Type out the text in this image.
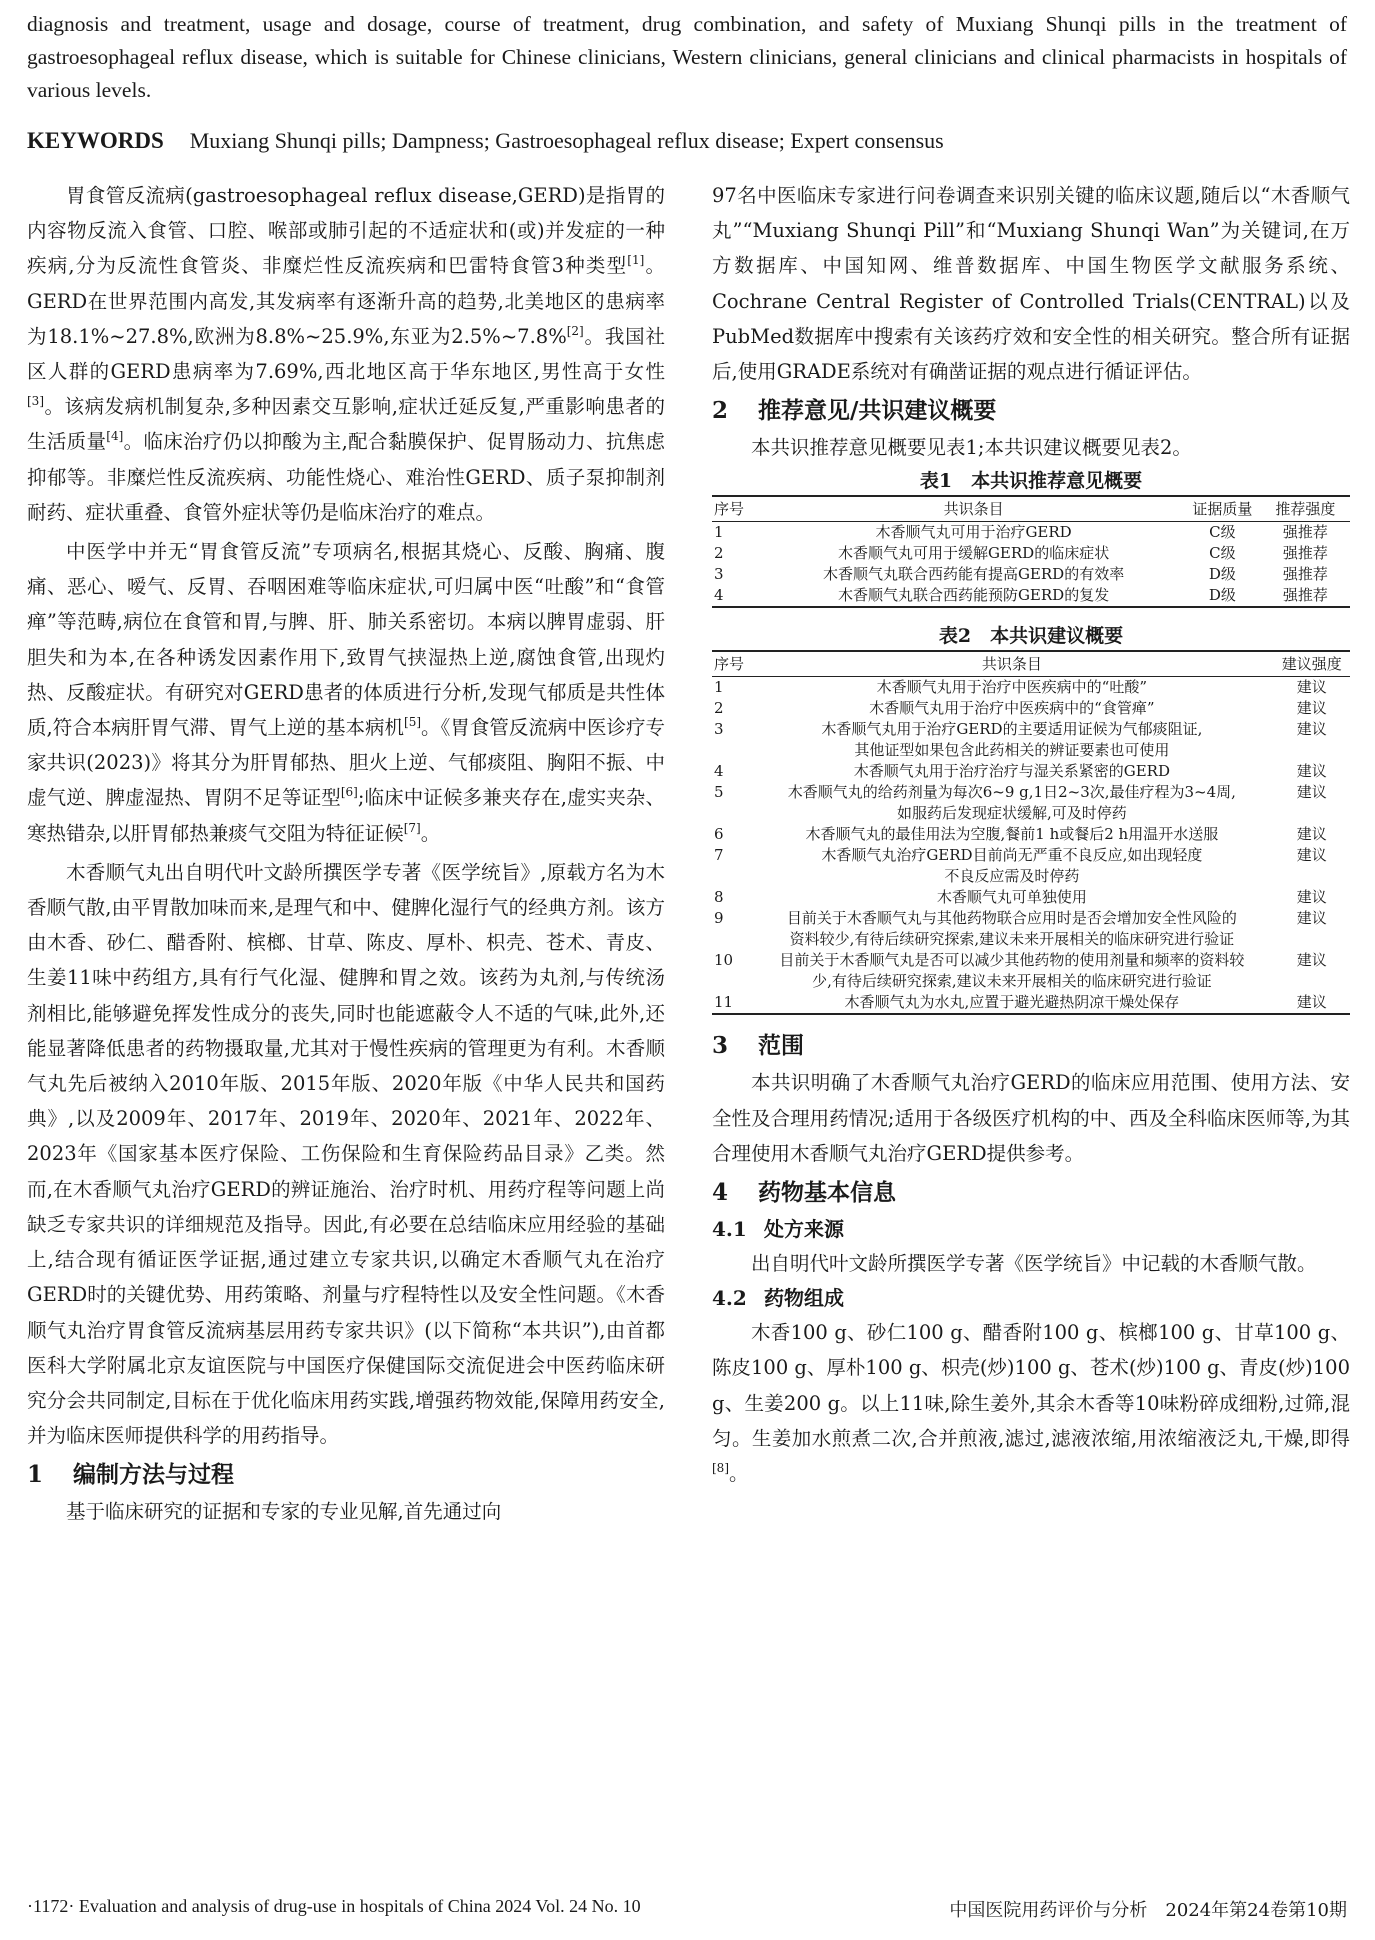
diagnosis and treatment, usage and dosage, course of treatment, drug combination, and safety of Muxiang Shunqi pills in the treatment of gastroesophageal reflux disease, which is suitable for Chinese clinicians, Western clinicians, general clinicians and clinical pharmacists in hospitals of various levels.
KEYWORDS Muxiang Shunqi pills; Dampness; Gastroesophageal reflux disease; Expert consensus

胃食管反流病(gastroesophageal reflux disease,GERD)是指胃的内容物反流入食管、口腔、喉部或肺引起的不适症状和(或)并发症的一种疾病,分为反流性食管炎、非糜烂性反流疾病和巴雷特食管3种类型[1]。GERD在世界范围内高发,其发病率有逐渐升高的趋势,北美地区的患病率为18.1%~27.8%,欧洲为8.8%~25.9%,东亚为2.5%~7.8%[2]。我国社区人群的GERD患病率为7.69%,西北地区高于华东地区,男性高于女性[3]。该病发病机制复杂,多种因素交互影响,症状迁延反复,严重影响患者的生活质量[4]。临床治疗仍以抑酸为主,配合黏膜保护、促胃肠动力、抗焦虑抑郁等。非糜烂性反流疾病、功能性烧心、难治性GERD、质子泵抑制剂耐药、症状重叠、食管外症状等仍是临床治疗的难点。

中医学中并无“胃食管反流”专项病名,根据其烧心、反酸、胸痛、腹痛、恶心、嗳气、反胃、吞咽困难等临床症状,可归属中医“吐酸”和“食管瘅”等范畴,病位在食管和胃,与脾、肝、肺关系密切。本病以脾胃虚弱、肝胆失和为本,在各种诱发因素作用下,致胃气挟湿热上逆,腐蚀食管,出现灼热、反酸症状。有研究对GERD患者的体质进行分析,发现气郁质是共性体质,符合本病肝胃气滞、胃气上逆的基本病机[5]。《胃食管反流病中医诊疗专家共识(2023)》将其分为肝胃郁热、胆火上逆、气郁痰阻、胸阳不振、中虚气逆、脾虚湿热、胃阴不足等证型[6];临床中证候多兼夹存在,虚实夹杂、寒热错杂,以肝胃郁热兼痰气交阻为特征证候[7]。

木香顺气丸出自明代叶文龄所撰医学专著《医学统旨》,原载方名为木香顺气散,由平胃散加味而来,是理气和中、健脾化湿行气的经典方剂。该方由木香、砂仁、醋香附、槟榔、甘草、陈皮、厚朴、枳壳、苍术、青皮、生姜11味中药组方,具有行气化湿、健脾和胃之效。该药为丸剂,与传统汤剂相比,能够避免挥发性成分的丧失,同时也能遮蔽令人不适的气味,此外,还能显著降低患者的药物摄取量,尤其对于慢性疾病的管理更为有利。木香顺气丸先后被纳入2010年版、2015年版、2020年版《中华人民共和国药典》,以及2009年、2017年、2019年、2020年、2021年、2022年、2023年《国家基本医疗保险、工伤保险和生育保险药品目录》乙类。然而,在木香顺气丸治疗GERD的辨证施治、治疗时机、用药疗程等问题上尚缺乏专家共识的详细规范及指导。因此,有必要在总结临床应用经验的基础上,结合现有循证医学证据,通过建立专家共识,以确定木香顺气丸在治疗GERD时的关键优势、用药策略、剂量与疗程特性以及安全性问题。《木香顺气丸治疗胃食管反流病基层用药专家共识》(以下简称“本共识”),由首都医科大学附属北京友谊医院与中国医疗保健国际交流促进会中医药临床研究分会共同制定,目标在于优化临床用药实践,增强药物效能,保障用药安全,并为临床医师提供科学的用药指导。

1 编制方法与过程

基于临床研究的证据和专家的专业见解,首先通过向

97名中医临床专家进行问卷调查来识别关键的临床议题,随后以“木香顺气丸”“Muxiang Shunqi Pill”和“Muxiang Shunqi Wan”为关键词,在万方数据库、中国知网、维普数据库、中国生物医学文献服务系统、Cochrane Central Register of Controlled Trials(CENTRAL)以及PubMed数据库中搜索有关该药疗效和安全性的相关研究。整合所有证据后,使用GRADE系统对有确凿证据的观点进行循证评估。

2 推荐意见/共识建议概要

本共识推荐意见概要见表1;本共识建议概要见表2。

表1　本共识推荐意见概要
序号	共识条目	证据质量	推荐强度
1	木香顺气丸可用于治疗GERD	C级	强推荐
2	木香顺气丸可用于缓解GERD的临床症状	C级	强推荐
3	木香顺气丸联合西药能有提高GERD的有效率	D级	强推荐
4	木香顺气丸联合西药能预防GERD的复发	D级	强推荐
表2　本共识建议概要
序号	共识条目	建议强度
1	木香顺气丸用于治疗中医疾病中的“吐酸”	建议
2	木香顺气丸用于治疗中医疾病中的“食管瘅”	建议
3	木香顺气丸用于治疗GERD的主要适用证候为气郁痰阻证,
其他证型如果包含此药相关的辨证要素也可使用	建议
4	木香顺气丸用于治疗治疗与湿关系紧密的GERD	建议
5	木香顺气丸的给药剂量为每次6~9 g,1日2~3次,最佳疗程为3~4周,
如服药后发现症状缓解,可及时停药	建议
6	木香顺气丸的最佳用法为空腹,餐前1 h或餐后2 h用温开水送服	建议
7	木香顺气丸治疗GERD目前尚无严重不良反应,如出现轻度
不良反应需及时停药	建议
8	木香顺气丸可单独使用	建议
9	目前关于木香顺气丸与其他药物联合应用时是否会增加安全性风险的
资料较少,有待后续研究探索,建议未来开展相关的临床研究进行验证	建议
10	目前关于木香顺气丸是否可以减少其他药物的使用剂量和频率的资料较
少,有待后续研究探索,建议未来开展相关的临床研究进行验证	建议
11	木香顺气丸为水丸,应置于避光避热阴凉干燥处保存	建议
3 范围

本共识明确了木香顺气丸治疗GERD的临床应用范围、使用方法、安全性及合理用药情况;适用于各级医疗机构的中、西及全科临床医师等,为其合理使用木香顺气丸治疗GERD提供参考。

4 药物基本信息
4.1 处方来源

出自明代叶文龄所撰医学专著《医学统旨》中记载的木香顺气散。

4.2 药物组成

木香100 g、砂仁100 g、醋香附100 g、槟榔100 g、甘草100 g、陈皮100 g、厚朴100 g、枳壳(炒)100 g、苍术(炒)100 g、青皮(炒)100 g、生姜200 g。以上11味,除生姜外,其余木香等10味粉碎成细粉,过筛,混匀。生姜加水煎煮二次,合并煎液,滤过,滤液浓缩,用浓缩液泛丸,干燥,即得[8]。

·1172· Evaluation and analysis of drug-use in hospitals of China 2024 Vol. 24 No. 10	中国医院用药评价与分析　2024年第24卷第10期
